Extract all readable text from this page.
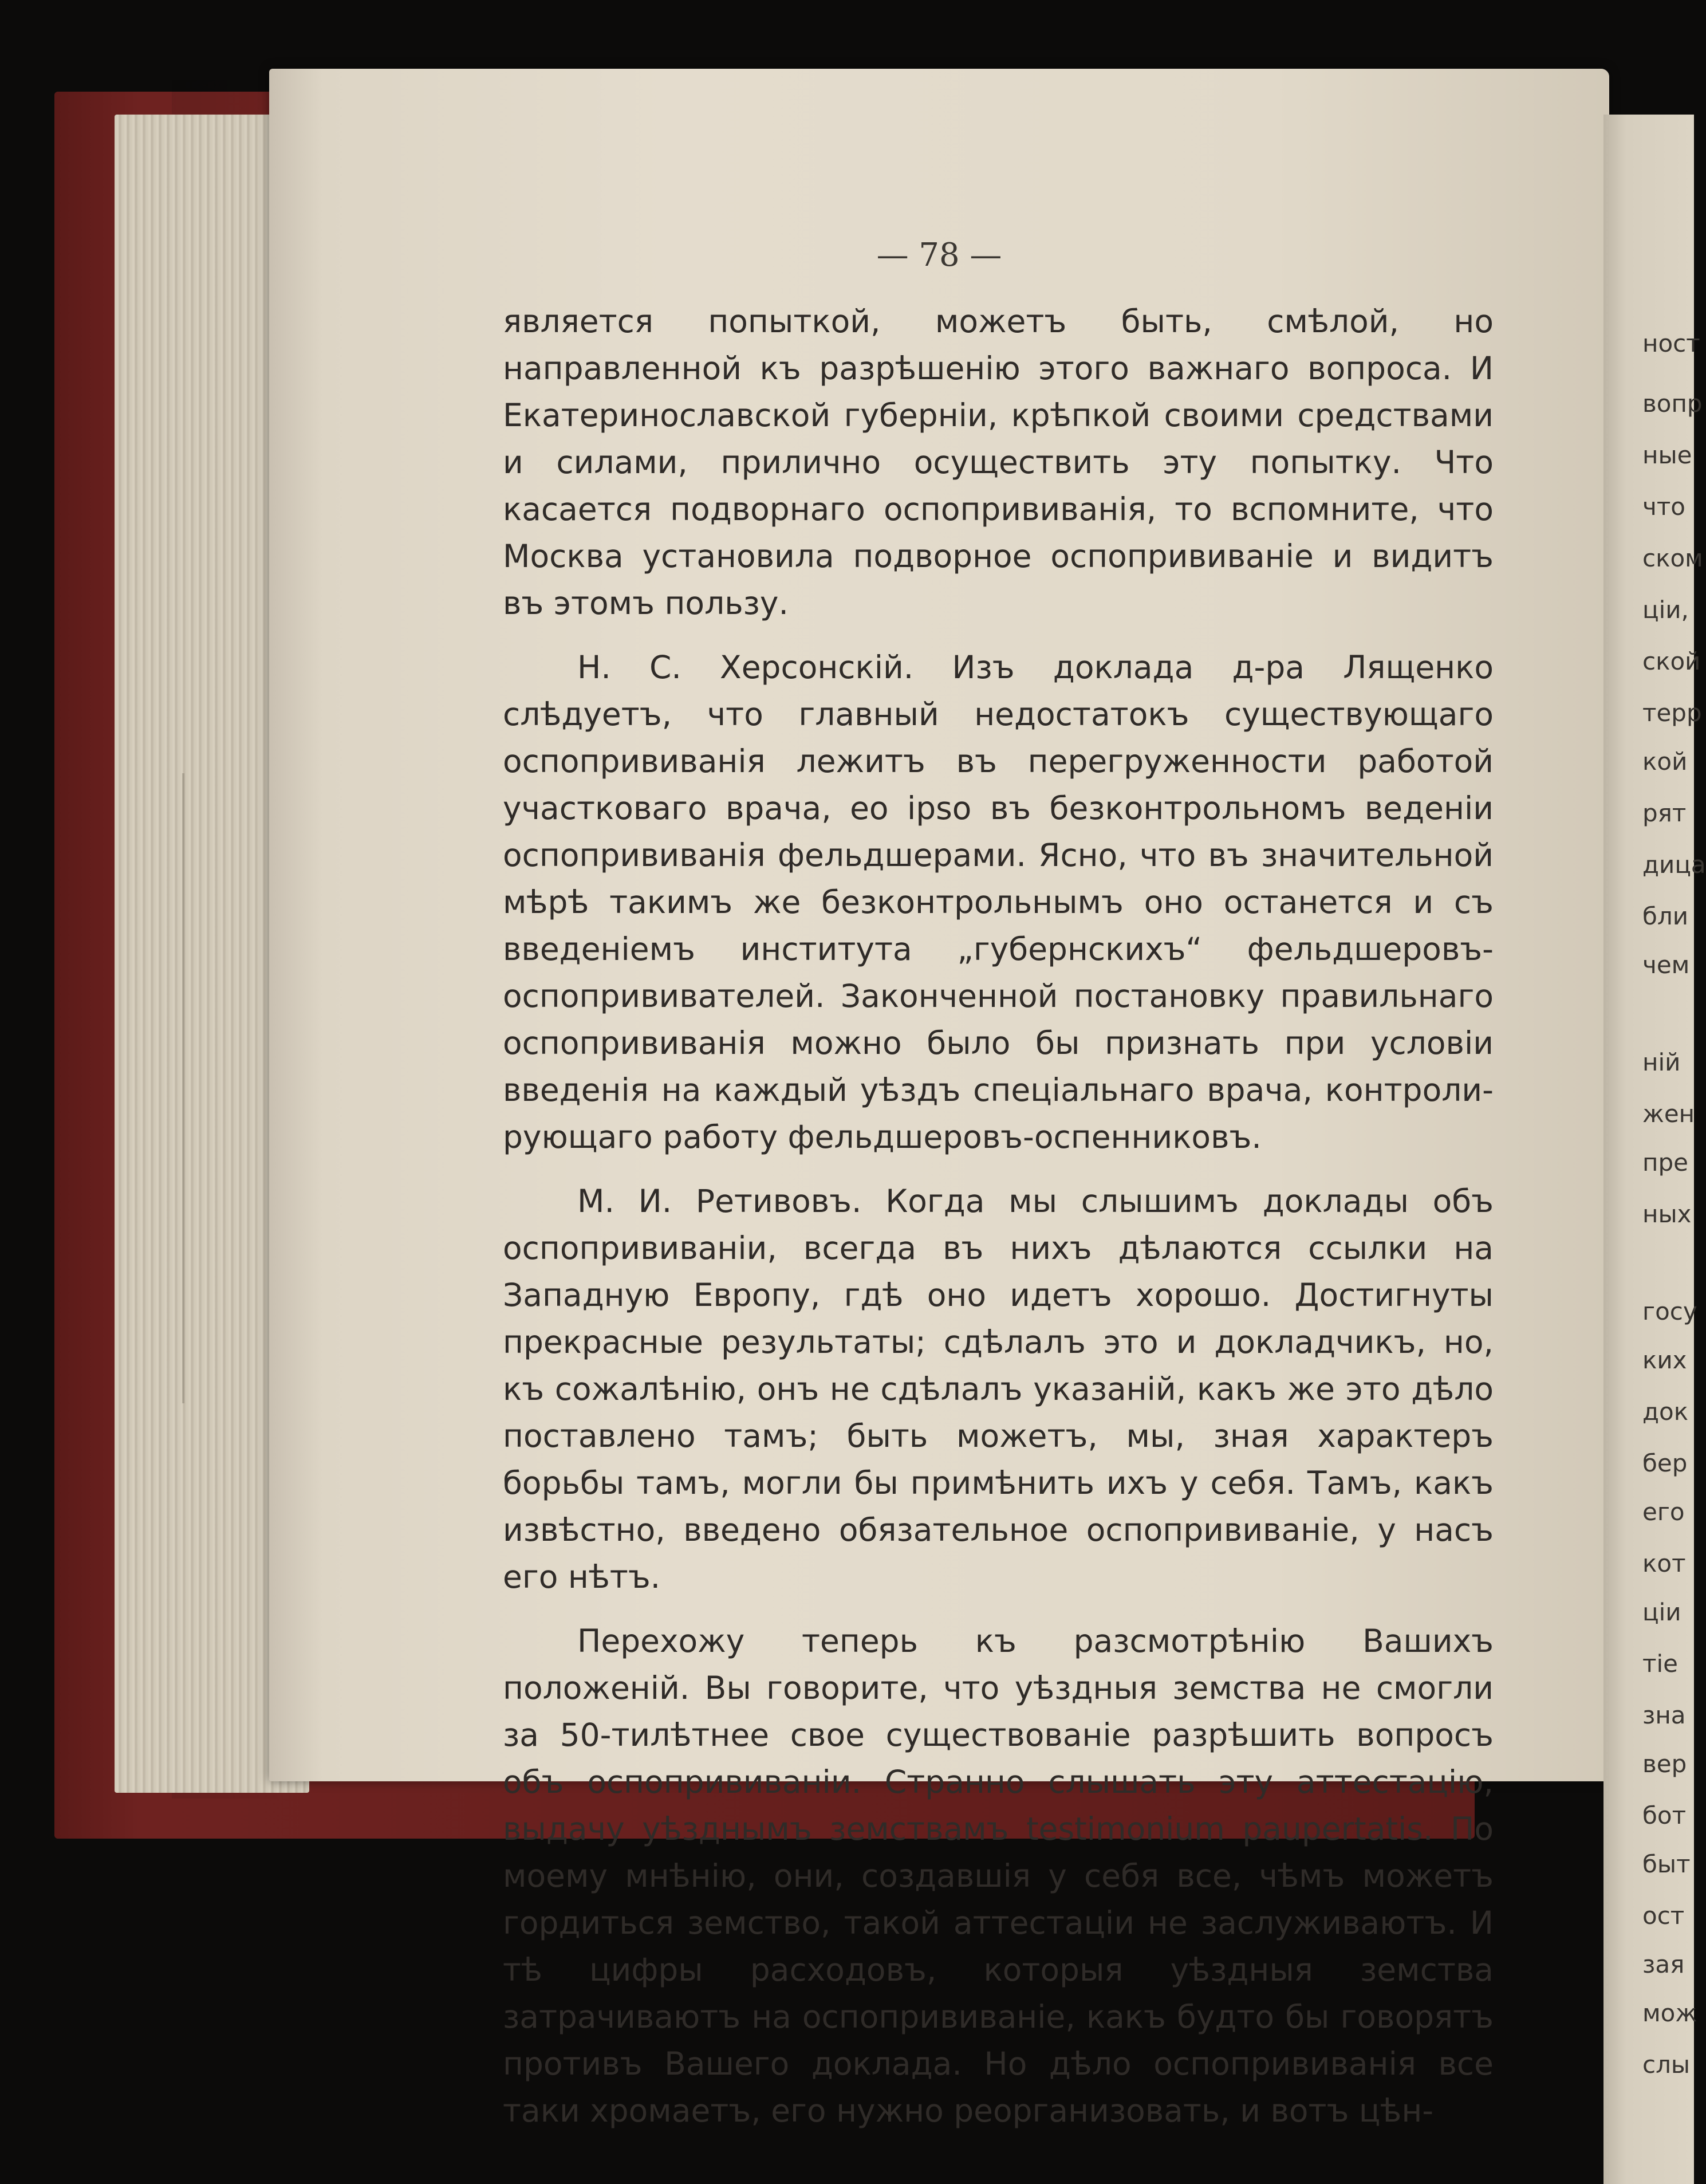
— 78 —

является попыткой, можетъ быть, смѣлой, но направленной къ разрѣшенію этого важнаго вопроса. И Екатеринославской губерніи, крѣпкой своими средствами и силами, прилично осуществить эту попытку. Что касается подворнаго оспопрививанія, то вспомните, что Москва установила подворное оспопрививаніе и видитъ въ этомъ пользу.

Н. С. Херсонскій. Изъ доклада д-ра Лященко слѣдуетъ, что главный недостатокъ существующаго оспопрививанія лежитъ въ перегруженности работой участковаго врача, ео ipso въ безконтрольномъ веденіи оспопрививанія фельдшерами. Ясно, что въ значительной мѣрѣ такимъ же безконтрольнымъ оно останется и съ введеніемъ института „губернскихъ“ фельдшеровъ-оспопрививателей. Законченной постановку правильнаго оспопрививанія можно было бы признать при условіи введенія на каждый уѣздъ спеціальнаго врача, контролирующаго работу фельдшеровъ-оспенниковъ.

М. И. Ретивовъ. Когда мы слышимъ доклады объ оспопрививаніи, всегда въ нихъ дѣлаются ссылки на Западную Европу, гдѣ оно идетъ хорошо. Достигнуты прекрасные результаты; сдѣлалъ это и докладчикъ, но, къ сожалѣнію, онъ не сдѣлалъ указаній, какъ же это дѣло поставлено тамъ; быть можетъ, мы, зная характеръ борьбы тамъ, могли бы примѣнить ихъ у себя. Тамъ, какъ извѣстно, введено обязательное оспопрививаніе, у насъ его нѣтъ.

Перехожу теперь къ разсмотрѣнію Вашихъ положеній. Вы говорите, что уѣздныя земства не смогли за 50-тилѣтнее свое существованіе разрѣшить вопросъ объ оспопрививаніи. Странно слышать эту аттестацію, выдачу уѣзднымъ земствамъ testimonium paupertatis. По моему мнѣнію, они, создавшія у себя все, чѣмъ можетъ гордиться земство, такой аттестаціи не заслуживаютъ. И тѣ цифры расходовъ, которыя уѣздныя земства затрачиваютъ на оспопрививаніе, какъ будто бы говорятъ противъ Вашего доклада. Но дѣло оспопрививанія все таки хромаетъ, его нужно реорганизовать, и вотъ цѣн-

ност
вопр
ные
что
ском
ціи,
ской
терр
кой
рят
дица
бли
чем
ній
жен
пре
ных
госу
ких
док
бер
его
кот
ціи
тіе
зна
вер
бот
быт
ост
зая
мож
слы
